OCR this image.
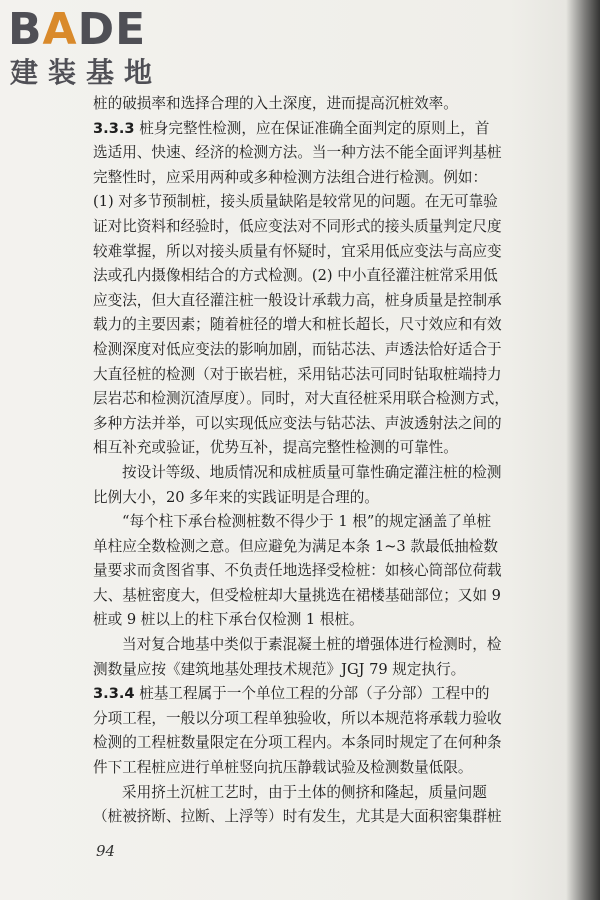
BADE
建装基地
桩的破损率和选择合理的入土深度，进而提高沉桩效率。
3.3.3 桩身完整性检测，应在保证准确全面判定的原则上，首
选适用、快速、经济的检测方法。当一种方法不能全面评判基桩
完整性时，应采用两种或多种检测方法组合进行检测。例如：
(1) 对多节预制桩，接头质量缺陷是较常见的问题。在无可靠验
证对比资料和经验时，低应变法对不同形式的接头质量判定尺度
较难掌握，所以对接头质量有怀疑时，宜采用低应变法与高应变
法或孔内摄像相结合的方式检测。(2) 中小直径灌注桩常采用低
应变法，但大直径灌注桩一般设计承载力高，桩身质量是控制承
载力的主要因素；随着桩径的增大和桩长超长，尺寸效应和有效
检测深度对低应变法的影响加剧，而钻芯法、声透法恰好适合于
大直径桩的检测（对于嵌岩桩，采用钻芯法可同时钻取桩端持力
层岩芯和检测沉渣厚度）。同时，对大直径桩采用联合检测方式，
多种方法并举，可以实现低应变法与钻芯法、声波透射法之间的
相互补充或验证，优势互补，提高完整性检测的可靠性。
按设计等级、地质情况和成桩质量可靠性确定灌注桩的检测
比例大小，20 多年来的实践证明是合理的。
“每个柱下承台检测桩数不得少于 1 根”的规定涵盖了单桩
单柱应全数检测之意。但应避免为满足本条 1~3 款最低抽检数
量要求而贪图省事、不负责任地选择受检桩：如核心筒部位荷载
大、基桩密度大，但受检桩却大量挑选在裙楼基础部位；又如 9
桩或 9 桩以上的柱下承台仅检测 1 根桩。
当对复合地基中类似于素混凝土桩的增强体进行检测时，检
测数量应按《建筑地基处理技术规范》JGJ 79 规定执行。
3.3.4 桩基工程属于一个单位工程的分部（子分部）工程中的
分项工程，一般以分项工程单独验收，所以本规范将承载力验收
检测的工程桩数量限定在分项工程内。本条同时规定了在何种条
件下工程桩应进行单桩竖向抗压静载试验及检测数量低限。
采用挤土沉桩工艺时，由于土体的侧挤和隆起，质量问题
（桩被挤断、拉断、上浮等）时有发生，尤其是大面积密集群桩
94
